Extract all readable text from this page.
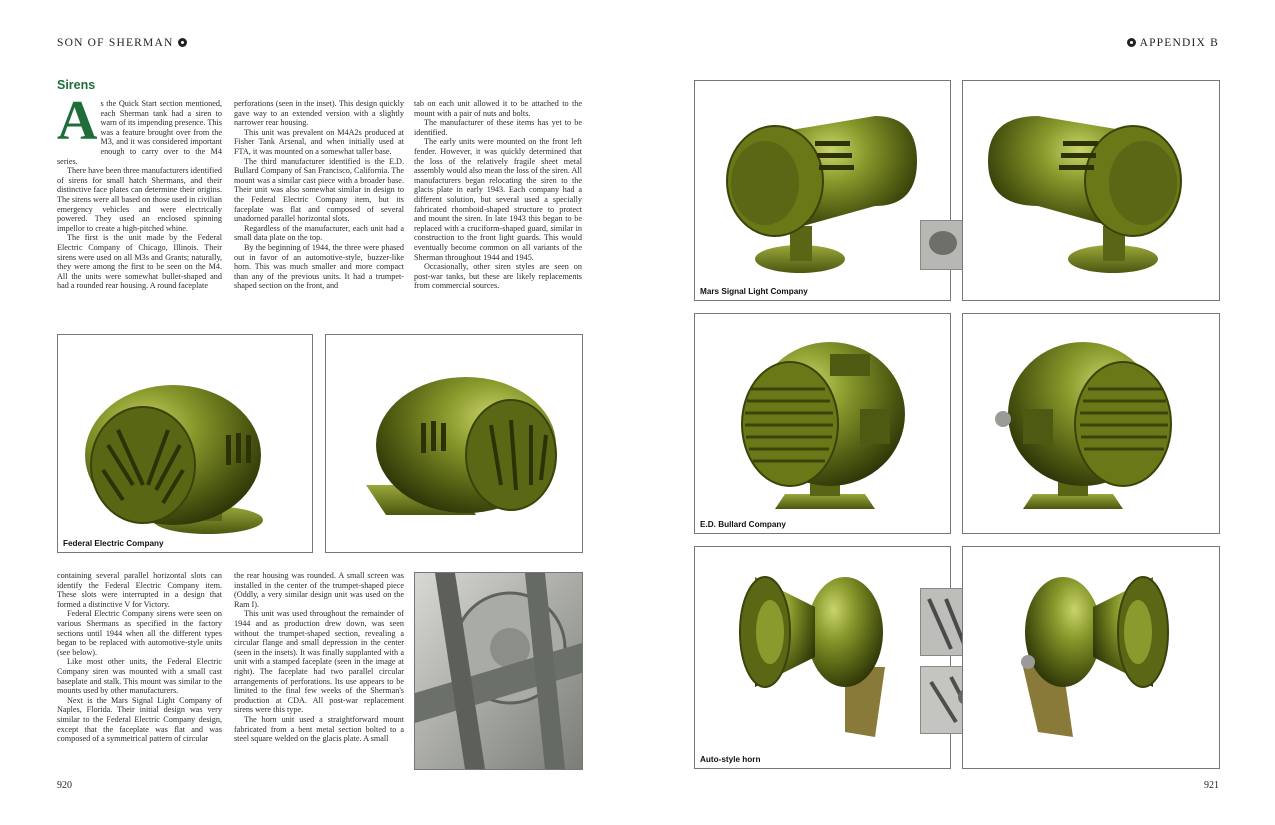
SON OF SHERMAN	APPENDIX B
Sirens
A s the Quick Start section mentioned, each Sherman tank had a siren to warn of its impending presence. This was a feature brought over from the M3, and it was considered important enough to carry over to the M4 series.

There have been three manufacturers identified of sirens for small hatch Shermans, and their distinctive face plates can determine their origins. The sirens were all based on those used in civilian emergency vehicles and were electrically powered. They used an enclosed spinning impellor to create a high-pitched whine.

The first is the unit made by the Federal Electric Company of Chicago, Illinois. Their sirens were used on all M3s and Grants; naturally, they were among the first to be seen on the M4. All the units were somewhat bullet-shaped and had a rounded rear housing. A round faceplate

perforations (seen in the inset). This design quickly gave way to an extended version with a slightly narrower rear housing.

This unit was prevalent on M4A2s produced at Fisher Tank Arsenal, and when initially used at FTA, it was mounted on a somewhat taller base.

The third manufacturer identified is the E.D. Bullard Company of San Francisco, California. The mount was a similar cast piece with a broader base. Their unit was also somewhat similar in design to the Federal Electric Company item, but its faceplate was flat and composed of several unadorned parallel horizontal slots.

Regardless of the manufacturer, each unit had a small data plate on the top.

By the beginning of 1944, the three were phased out in favor of an automotive-style, buzzer-like horn. This was much smaller and more compact than any of the previous units. It had a trumpet-shaped section on the front, and

tab on each unit allowed it to be attached to the mount with a pair of nuts and bolts.

The manufacturer of these items has yet to be identified.

The early units were mounted on the front left fender. However, it was quickly determined that the loss of the relatively fragile sheet metal assembly would also mean the loss of the siren. All manufacturers began relocating the siren to the glacis plate in early 1943. Each company had a different solution, but several used a specially fabricated rhomboid-shaped structure to protect and mount the siren. In late 1943 this began to be replaced with a cruciform-shaped guard, similar in construction to the front light guards. This would eventually become common on all variants of the Sherman throughout 1944 and 1945.

Occasionally, other siren styles are seen on post-war tanks, but these are likely replacements from commercial sources.

Federal Electric Company

containing several parallel horizontal slots can identify the Federal Electric Company item. These slots were interrupted in a design that formed a distinctive V for Victory.

Federal Electric Company sirens were seen on various Shermans as specified in the factory sections until 1944 when all the different types began to be replaced with automotive-style units (see below).

Like most other units, the Federal Electric Company siren was mounted with a small cast baseplate and stalk. This mount was similar to the mounts used by other manufacturers.

Next is the Mars Signal Light Company of Naples, Florida. Their initial design was very similar to the Federal Electric Company design, except that the faceplate was flat and was composed of a symmetrical pattern of circular

the rear housing was rounded. A small screen was installed in the center of the trumpet-shaped piece (Oddly, a very similar design unit was used on the Ram I).

This unit was used throughout the remainder of 1944 and as production drew down, was seen without the trumpet-shaped section, revealing a circular flange and small depression in the center (seen in the insets). It was finally supplanted with a unit with a stamped faceplate (seen in the image at right). The faceplate had two parallel circular arrangements of perforations. Its use appears to be limited to the final few weeks of the Sherman's production at CDA. All post-war replacement sirens were this type.

The horn unit used a straightforward mount fabricated from a bent metal section bolted to a steel square welded on the glacis plate. A small

Mars Signal Light Company
E.D. Bullard Company
Auto-style horn
920	921
